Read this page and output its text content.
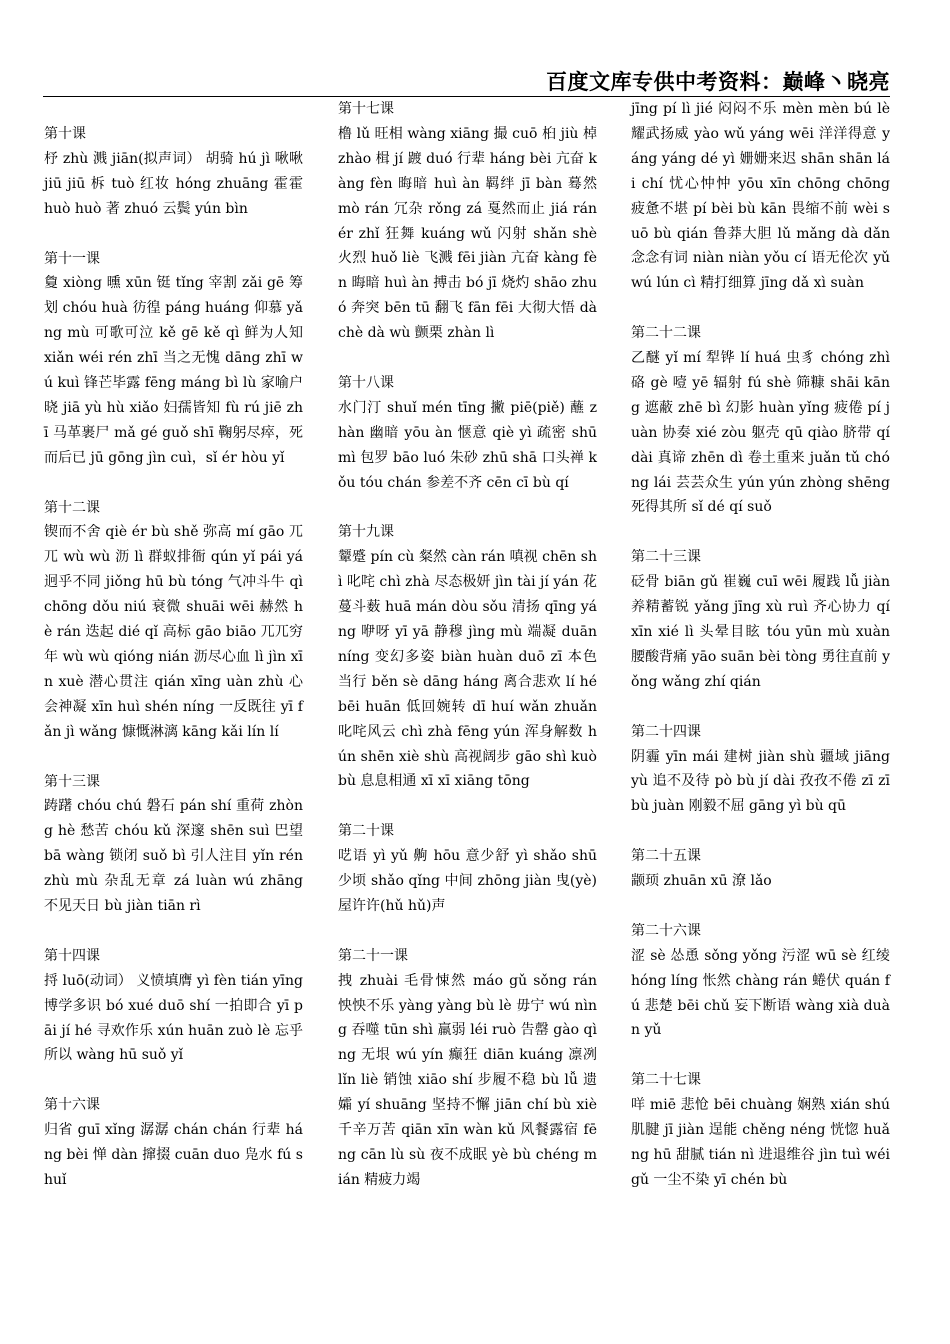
百度文库专供中考资料：巅峰丶晓亮
第十课
杼 zhù 溅 jiān(拟声词） 胡骑 hú jì 啾啾 jiū jiū 柝 tuò 红妆 hóng zhuāng 霍霍 huò huò 著 zhuó 云鬓 yún bìn
第十一课
敻 xiòng 曛 xūn 铤 tǐng 宰割 zǎi gē 筹划 chóu huà 彷徨 páng huáng 仰慕 yǎng mù 可歌可泣 kě gē kě qì 鲜为人知 xiǎn wéi rén zhī 当之无愧 dāng zhī wú kuì 锋芒毕露 fēng máng bì lù 家喻户晓 jiā yù hù xiǎo 妇孺皆知 fù rú jiē zhī 马革裹尸 mǎ gé guǒ shī 鞠躬尽瘁，死而后已 jū gōng jìn cuì，sǐ ér hòu yǐ
第十二课
锲而不舍 qiè ér bù shě 弥高 mí gāo 兀兀 wù wù 沥 lì 群蚁排衙 qún yǐ pái yá 迥乎不同 jiǒng hū bù tóng 气冲斗牛 qì chōng dǒu niú 衰微 shuāi wēi 赫然 hè rán 迭起 dié qǐ 高标 gāo biāo 兀兀穷年 wù wù qióng nián 沥尽心血 lì jìn xīn xuè 潜心贯注 qián xīng uàn zhù 心会神凝 xīn huì shén níng 一反既往 yī fǎn jì wǎng 慷慨淋漓 kāng kǎi lín lí
第十三课
踌躇 chóu chú 磐石 pán shí 重荷 zhòng hè 愁苦 chóu kǔ 深邃 shēn suì 巴望 bā wàng 锁闭 suǒ bì 引人注目 yǐn rén zhù mù 杂乱无章 zá luàn wú zhāng 不见天日 bù jiàn tiān rì
第十四课
捋 luō(动词） 义愤填膺 yì fèn tián yīng 博学多识 bó xué duō shí 一拍即合 yī pāi jí hé 寻欢作乐 xún huān zuò lè 忘乎所以 wàng hū suǒ yǐ
第十六课
归省 guī xǐng 潺潺 chán chán 行辈 háng bèi 惮 dàn 撺掇 cuān duo 凫水 fú shuǐ
第十七课
橹 lǔ 旺相 wàng xiāng 撮 cuō 桕 jiù 棹 zhào 楫 jí 踱 duó 行辈 háng bèi 亢奋 kàng fèn 晦暗 huì àn 羁绊 jī bàn 蓦然 mò rán 冗杂 rǒng zá 戛然而止 jiá rán ér zhǐ 狂舞 kuáng wǔ 闪射 shǎn shè 火烈 huǒ liè 飞溅 fēi jiàn 亢奋 kàng fèn 晦暗 huì àn 搏击 bó jī 烧灼 shāo zhuó 奔突 bēn tū 翻飞 fān fēi 大彻大悟 dà chè dà wù 颤栗 zhàn lì
第十八课
水门汀 shuǐ mén tīng 撇 piē(piě) 蘸 zhàn 幽暗 yōu àn 惬意 qiè yì 疏密 shū mì 包罗 bāo luó 朱砂 zhū shā 口头禅 kǒu tóu chán 参差不齐 cēn cī bù qí
第十九课
颦蹙 pín cù 粲然 càn rán 嗔视 chēn shì 叱咤 chì zhà 尽态极妍 jìn tài jí yán 花蔓斗薮 huā mán dòu sǒu 清扬 qīng yáng 咿呀 yī yā 静穆 jìng mù 端凝 duān níng 变幻多姿 biàn huàn duō zī 本色当行 běn sè dāng háng 离合悲欢 lí hé bēi huān 低回婉转 dī huí wǎn zhuǎn 叱咤风云 chì zhà fēng yún 浑身解数 hún shēn xiè shù 高视阔步 gāo shì kuò bù 息息相通 xī xī xiāng tōng
第二十课
呓语 yì yǔ 齁 hōu 意少舒 yì shǎo shū 少顷 shǎo qǐng 中间 zhōng jiàn 曳(yè)屋许许(hǔ hǔ)声
第二十一课
拽 zhuài 毛骨悚然 máo gǔ sǒng rán 怏怏不乐 yàng yàng bù lè 毋宁 wú nìng 吞噬 tūn shì 羸弱 léi ruò 告罄 gào qìng 无垠 wú yín 癫狂 diān kuáng 凛冽 lǐn liè 销蚀 xiāo shí 步履不稳 bù lǚ 遗孀 yí shuāng 坚持不懈 jiān chí bù xiè 千辛万苦 qiān xīn wàn kǔ 风餐露宿 fēng cān lù sù 夜不成眠 yè bù chéng mián 精疲力竭
jīng pí lì jié 闷闷不乐 mèn mèn bú lè 耀武扬威 yào wǔ yáng wēi 洋洋得意 yáng yáng dé yì 姗姗来迟 shān shān lái chí 忧心忡忡 yōu xīn chōng chōng 疲惫不堪 pí bèi bù kān 畏缩不前 wèi suō bù qián 鲁莽大胆 lǔ mǎng dà dǎn 念念有词 niàn niàn yǒu cí 语无伦次 yǔ wú lún cì 精打细算 jīng dǎ xì suàn
第二十二课
乙醚 yǐ mí 犁铧 lí huá 虫豸 chóng zhì 硌 gè 噎 yē 辐射 fú shè 筛糠 shāi kāng 遮蔽 zhē bì 幻影 huàn yǐng 疲倦 pí juàn 协奏 xié zòu 躯壳 qū qiào 脐带 qí dài 真谛 zhēn dì 卷土重来 juǎn tǔ chóng lái 芸芸众生 yún yún zhòng shēng 死得其所 sǐ dé qí suǒ
第二十三课
砭骨 biān gǔ 崔巍 cuī wēi 履践 lǚ jiàn 养精蓄锐 yǎng jīng xù ruì 齐心协力 qí xīn xié lì 头晕目眩 tóu yūn mù xuàn 腰酸背痛 yāo suān bèi tòng 勇往直前 yǒng wǎng zhí qián
第二十四课
阴霾 yīn mái 建树 jiàn shù 疆域 jiāng yù 追不及待 pò bù jí dài 孜孜不倦 zī zī bù juàn 刚毅不屈 gāng yì bù qū
第二十五课
颛顼 zhuān xū 潦 lǎo
第二十六课
涩 sè 怂恿 sǒng yǒng 污涩 wū sè 红绫 hóng líng 怅然 chàng rán 蜷伏 quán fú 悲楚 bēi chǔ 妄下断语 wàng xià duàn yǔ
第二十七课
咩 miē 悲怆 bēi chuàng 娴熟 xián shú 肌腱 jī jiàn 逞能 chěng néng 恍惚 huǎng hū 甜腻 tián nì 进退维谷 jìn tuì wéi gǔ 一尘不染 yī chén bù
